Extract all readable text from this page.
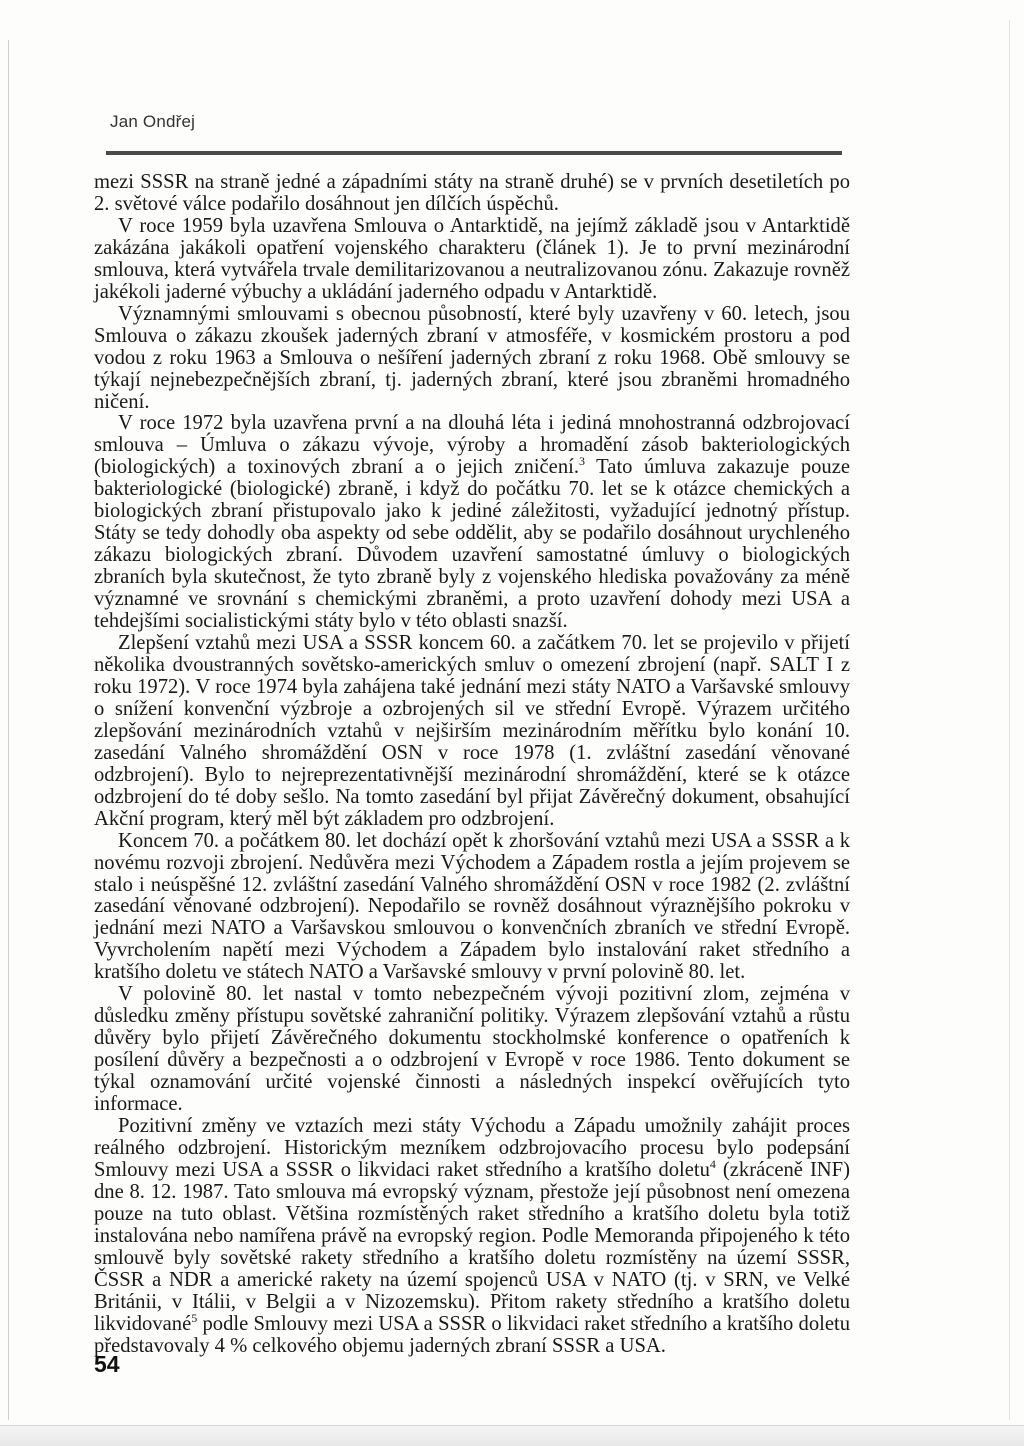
Jan Ondřej

mezi SSSR na straně jedné a západními státy na straně druhé) se v prvních desetiletích po 2. světové válce podařilo dosáhnout jen dílčích úspěchů.

V roce 1959 byla uzavřena Smlouva o Antarktidě, na jejímž základě jsou v Antarktidě zakázána jakákoli opatření vojenského charakteru (článek 1). Je to první mezinárodní smlouva, která vytvářela trvale demilitarizovanou a neutralizovanou zónu. Zakazuje rovněž jakékoli jaderné výbuchy a ukládání jaderného odpadu v Antarktidě.

Významnými smlouvami s obecnou působností, které byly uzavřeny v 60. letech, jsou Smlouva o zákazu zkoušek jaderných zbraní v atmosféře, v kosmickém prostoru a pod vodou z roku 1963 a Smlouva o nešíření jaderných zbraní z roku 1968. Obě smlouvy se týkají nejnebezpečnějších zbraní, tj. jaderných zbraní, které jsou zbraněmi hromadného ničení.

V roce 1972 byla uzavřena první a na dlouhá léta i jediná mnohostranná odzbrojovací smlouva – Úmluva o zákazu vývoje, výroby a hromadění zásob bakteriologických (biologických) a toxinových zbraní a o jejich zničení.$^3$ Tato úmluva zakazuje pouze bakteriologické (biologické) zbraně, i když do počátku 70. let se k otázce chemických a biologických zbraní přistupovalo jako k jediné záležitosti, vyžadující jednotný přístup. Státy se tedy dohodly oba aspekty od sebe oddělit, aby se podařilo dosáhnout urychleného zákazu biologických zbraní. Důvodem uzavření samostatné úmluvy o biologických zbraních byla skutečnost, že tyto zbraně byly z vojenského hlediska považovány za méně významné ve srovnání s chemickými zbraněmi, a proto uzavření dohody mezi USA a tehdejšími socialistickými státy bylo v této oblasti snazší.

Zlepšení vztahů mezi USA a SSSR koncem 60. a začátkem 70. let se projevilo v přijetí několika dvoustranných sovětsko-amerických smluv o omezení zbrojení (např. SALT I z roku 1972). V roce 1974 byla zahájena také jednání mezi státy NATO a Varšavské smlouvy o snížení konvenční výzbroje a ozbrojených sil ve střední Evropě. Výrazem určitého zlepšování mezinárodních vztahů v nejširším mezinárodním měřítku bylo konání 10. zasedání Valného shromáždění OSN v roce 1978 (1. zvláštní zasedání věnované odzbrojení). Bylo to nejreprezentativnější mezinárodní shromáždění, které se k otázce odzbrojení do té doby sešlo. Na tomto zasedání byl přijat Závěrečný dokument, obsahující Akční program, který měl být základem pro odzbrojení.

Koncem 70. a počátkem 80. let dochází opět k zhoršování vztahů mezi USA a SSSR a k novému rozvoji zbrojení. Nedůvěra mezi Východem a Západem rostla a jejím projevem se stalo i neúspěšné 12. zvláštní zasedání Valného shromáždění OSN v roce 1982 (2. zvláštní zasedání věnované odzbrojení). Nepodařilo se rovněž dosáhnout výraznějšího pokroku v jednání mezi NATO a Varšavskou smlouvou o konvenčních zbraních ve střední Evropě. Vyvrcholením napětí mezi Východem a Západem bylo instalování raket středního a kratšího doletu ve státech NATO a Varšavské smlouvy v první polovině 80. let.

V polovině 80. let nastal v tomto nebezpečném vývoji pozitivní zlom, zejména v důsledku změny přístupu sovětské zahraniční politiky. Výrazem zlepšování vztahů a růstu důvěry bylo přijetí Závěrečného dokumentu stockholmské konference o opatřeních k posílení důvěry a bezpečnosti a o odzbrojení v Evropě v roce 1986. Tento dokument se týkal oznamování určité vojenské činnosti a následných inspekcí ověřujících tyto informace.

Pozitivní změny ve vztazích mezi státy Východu a Západu umožnily zahájit proces reálného odzbrojení. Historickým mezníkem odzbrojovacího procesu bylo podepsání Smlouvy mezi USA a SSSR o likvidaci raket středního a kratšího doletu$^4$ (zkráceně INF) dne 8. 12. 1987. Tato smlouva má evropský význam, přestože její působnost není omezena pouze na tuto oblast. Většina rozmístěných raket středního a kratšího doletu byla totiž instalována nebo namířena právě na evropský region. Podle Memoranda připojeného k této smlouvě byly sovětské rakety středního a kratšího doletu rozmístěny na území SSSR, ČSSR a NDR a americké rakety na území spojenců USA v NATO (tj. v SRN, ve Velké Británii, v Itálii, v Belgii a v Nizozemsku). Přitom rakety středního a kratšího doletu likvidované$^5$ podle Smlouvy mezi USA a SSSR o likvidaci raket středního a kratšího doletu představovaly 4 % celkového objemu jaderných zbraní SSSR a USA.

54
